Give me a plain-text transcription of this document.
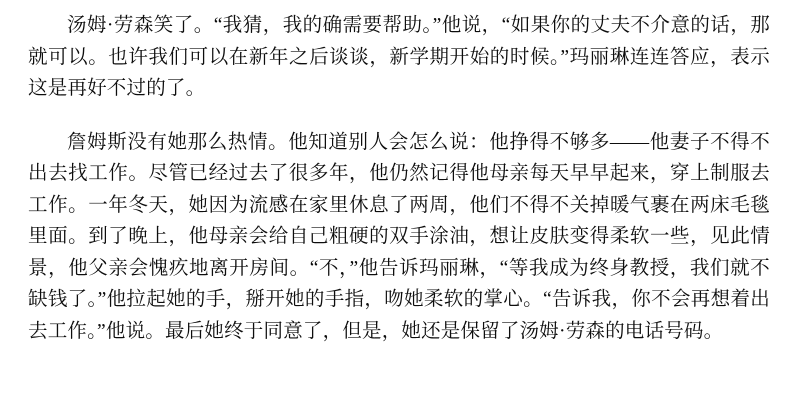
汤姆·劳森笑了。“我猜，我的确需要帮助。”他说，“如果你的丈夫不介意的话，那就可以。也许我们可以在新年之后谈谈，新学期开始的时候。”玛丽琳连连答应，表示这是再好不过的了。

詹姆斯没有她那么热情。他知道别人会怎么说：他挣得不够多——他妻子不得不出去找工作。尽管已经过去了很多年，他仍然记得他母亲每天早早起来，穿上制服去工作。一年冬天，她因为流感在家里休息了两周，他们不得不关掉暖气裹在两床毛毯里面。到了晚上，他母亲会给自己粗硬的双手涂油，想让皮肤变得柔软一些，见此情景，他父亲会愧疚地离开房间。“不，”他告诉玛丽琳，“等我成为终身教授，我们就不缺钱了。”他拉起她的手，掰开她的手指，吻她柔软的掌心。“告诉我，你不会再想着出去工作。”他说。最后她终于同意了，但是，她还是保留了汤姆·劳森的电话号码。
